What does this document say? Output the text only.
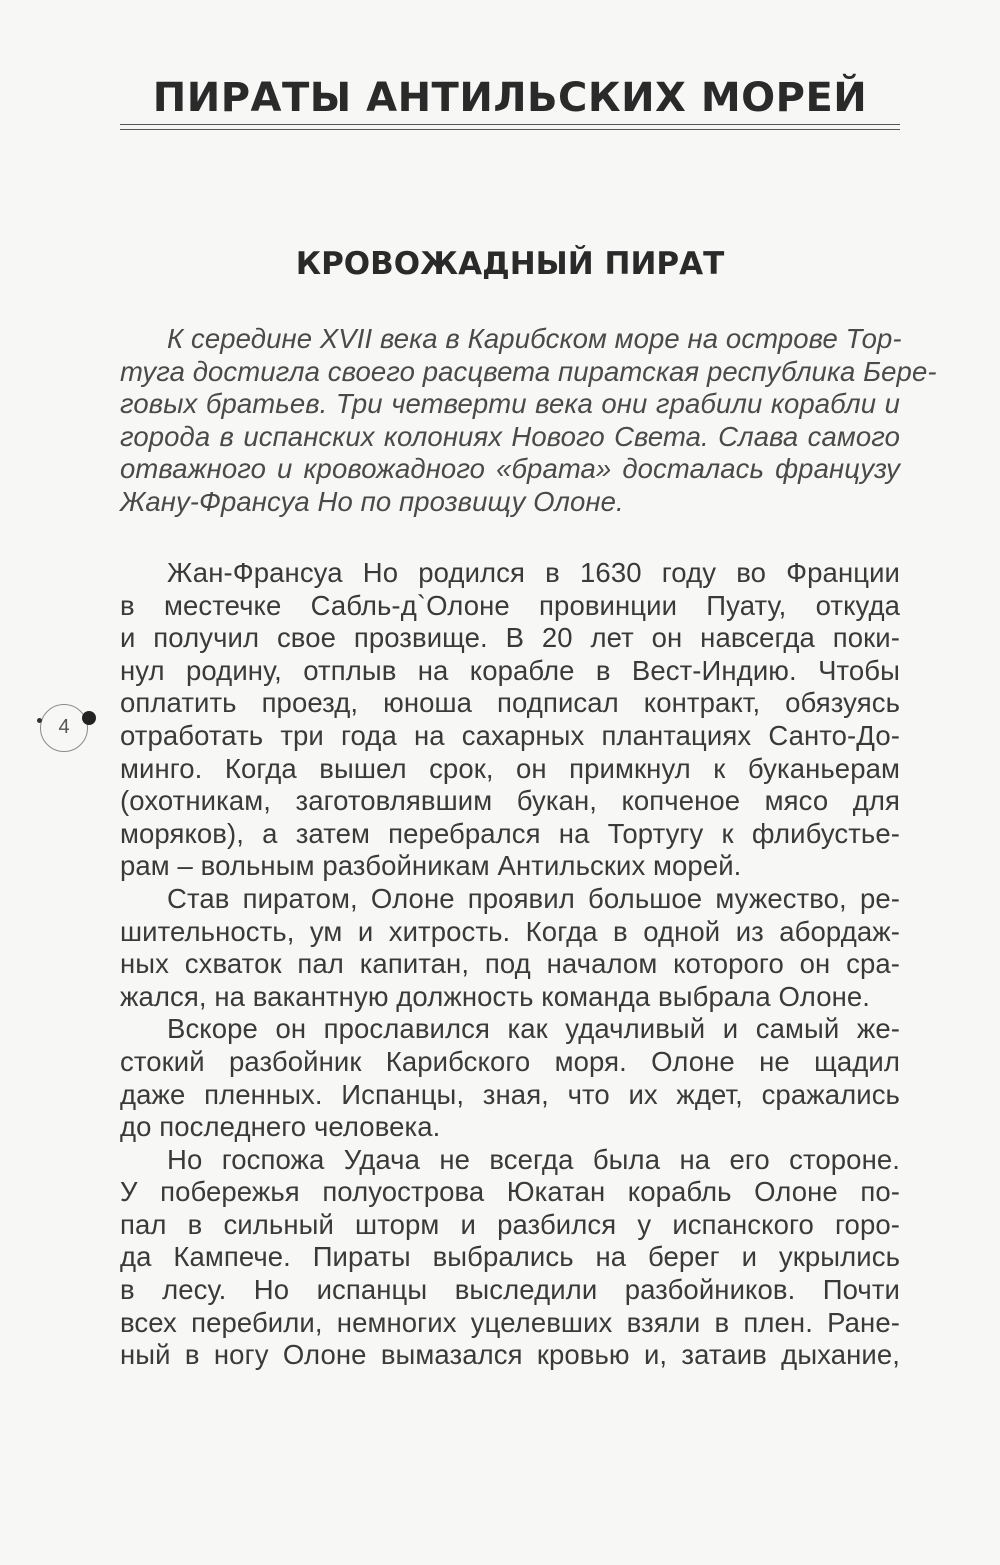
ПИРАТЫ АНТИЛЬСКИХ МОРЕЙ
КРОВОЖАДНЫЙ ПИРАТ
К середине XVII века в Карибском море на острове Тор-
туга достигла своего расцвета пиратская республика Бере-
говых братьев. Три четверти века они грабили корабли и
города в испанских колониях Нового Света. Слава самого
отважного и кровожадного «брата» досталась французу
Жану-Франсуа Но по прозвищу Олоне.
Жан-Франсуа Но родился в 1630 году во Франции
в местечке Сабль-д`Олоне провинции Пуату, откуда
и получил свое прозвище. В 20 лет он навсегда поки-
нул родину, отплыв на корабле в Вест-Индию. Чтобы
оплатить проезд, юноша подписал контракт, обязуясь
отработать три года на сахарных плантациях Санто-До-
минго. Когда вышел срок, он примкнул к буканьерам
(охотникам, заготовлявшим букан, копченое мясо для
моряков), а затем перебрался на Тортугу к флибустье-
рам – вольным разбойникам Антильских морей.
Став пиратом, Олоне проявил большое мужество, ре-
шительность, ум и хитрость. Когда в одной из абордаж-
ных схваток пал капитан, под началом которого он сра-
жался, на вакантную должность команда выбрала Олоне.
Вскоре он прославился как удачливый и самый же-
стокий разбойник Карибского моря. Олоне не щадил
даже пленных. Испанцы, зная, что их ждет, сражались
до последнего человека.
Но госпожа Удача не всегда была на его стороне.
У побережья полуострова Юкатан корабль Олоне по-
пал в сильный шторм и разбился у испанского горо-
да Кампече. Пираты выбрались на берег и укрылись
в лесу. Но испанцы выследили разбойников. Почти
всех перебили, немногих уцелевших взяли в плен. Ране-
ный в ногу Олоне вымазался кровью и, затаив дыхание,
4
